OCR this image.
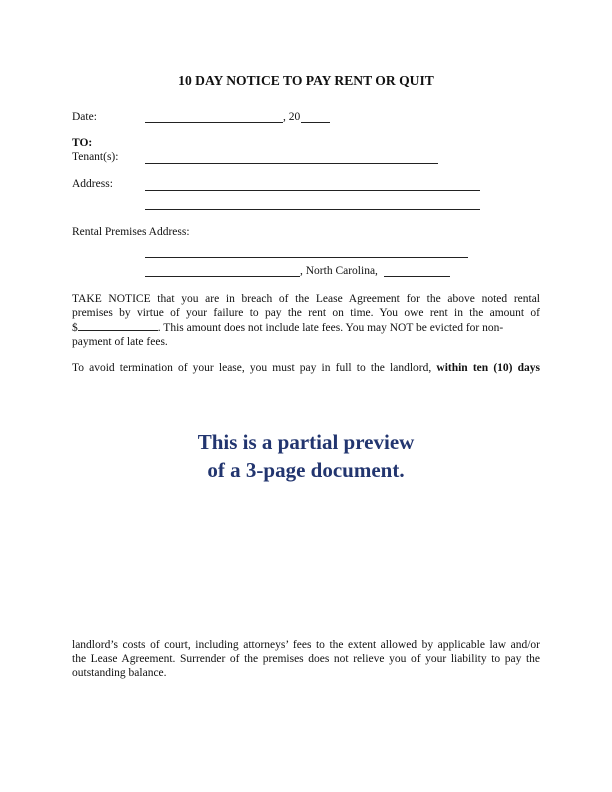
10 DAY NOTICE TO PAY RENT OR QUIT
Date:	, 20
TO:
Tenant(s):
Address:
Rental Premises Address:
, North Carolina,
TAKE NOTICE that you are in breach of the Lease Agreement for the above noted rental
premises by virtue of your failure to pay the rent on time. You owe rent in the amount of
$	. This amount does not include late fees. You may NOT be evicted for non-
payment of late fees.
To avoid termination of your lease, you must pay in full to the landlord, within ten (10) days
This is a partial preview
of a 3-page document.
landlord’s costs of court, including attorneys’ fees to the extent allowed by applicable law and/or
the Lease Agreement. Surrender of the premises does not relieve you of your liability to pay the
outstanding balance.
